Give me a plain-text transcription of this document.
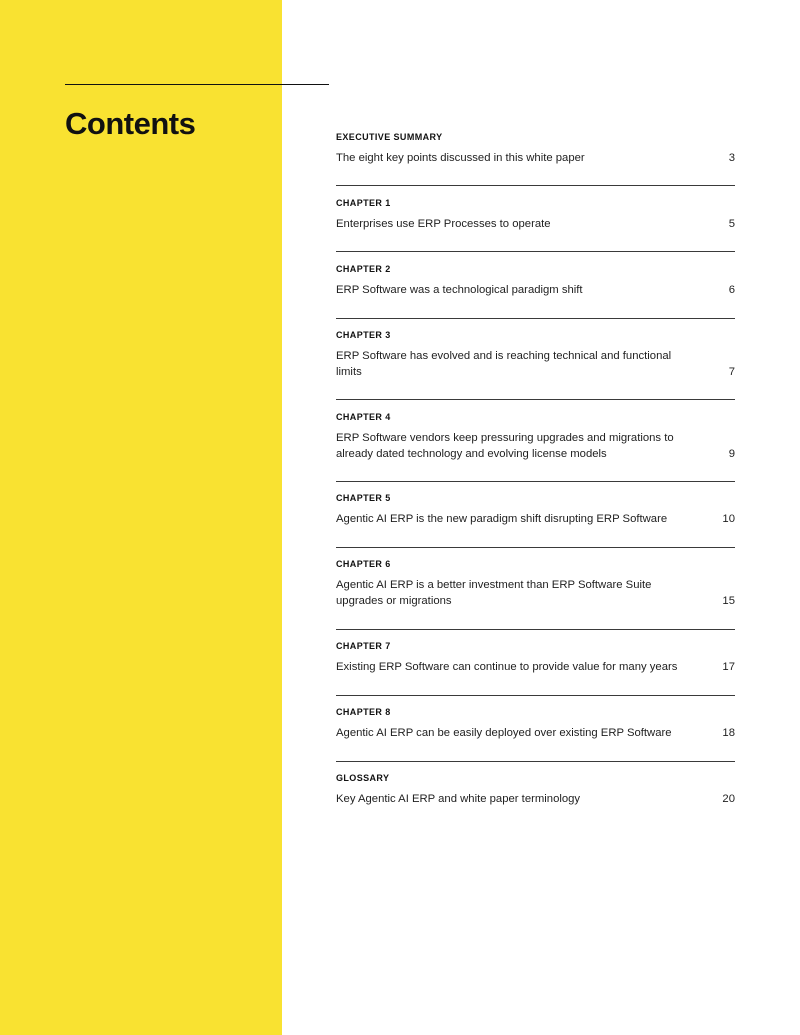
Contents	EXECUTIVE SUMMARY
The eight key points discussed in this white paper	3
CHAPTER 1
Enterprises use ERP Processes to operate	5
CHAPTER 2
ERP Software was a technological paradigm shift	6
CHAPTER 3
ERP Software has evolved and is reaching technical and functional limits	7
CHAPTER 4
ERP Software vendors keep pressuring upgrades and migrations to already dated technology and evolving license models	9
CHAPTER 5
Agentic AI ERP is the new paradigm shift disrupting ERP Software	10
CHAPTER 6
Agentic AI ERP is a better investment than ERP Software Suite upgrades or migrations	15
CHAPTER 7
Existing ERP Software can continue to provide value for many years	17
CHAPTER 8
Agentic AI ERP can be easily deployed over existing ERP Software	18
GLOSSARY
Key Agentic AI ERP and white paper terminology	20
